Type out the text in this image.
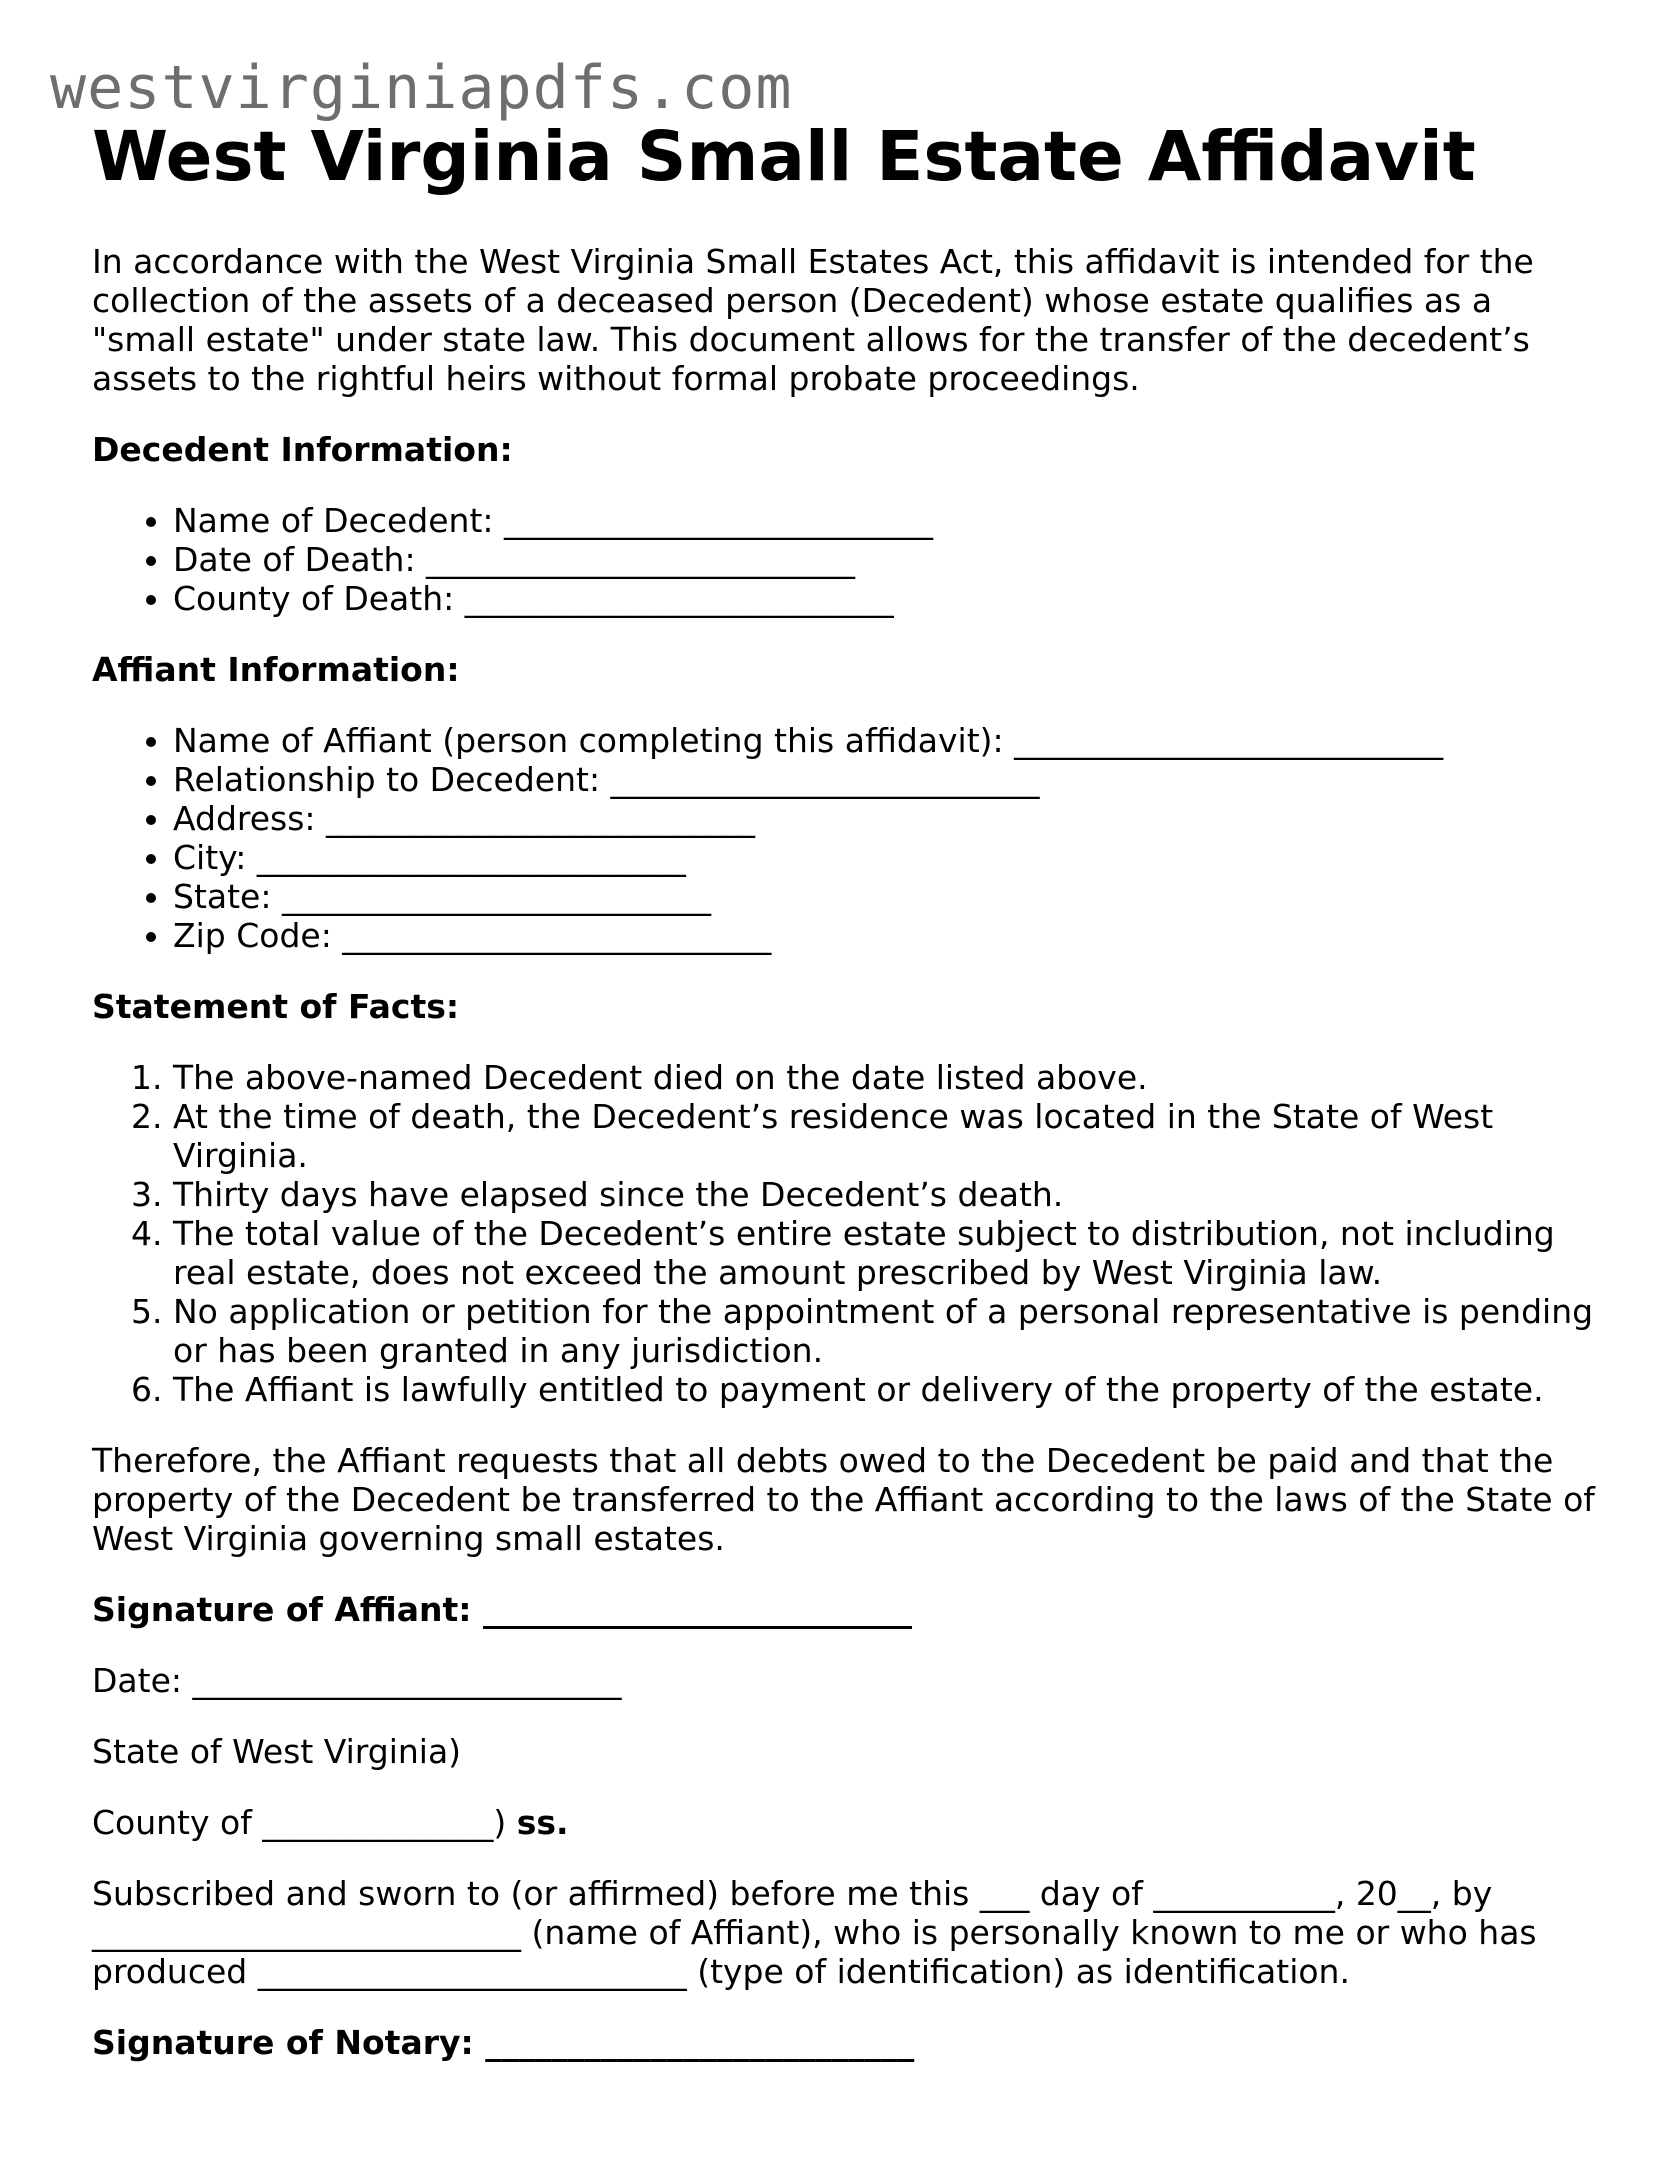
westvirginiapdfs.com
West Virginia Small Estate Affidavit

In accordance with the West Virginia Small Estates Act, this affidavit is intended for the collection of the assets of a deceased person (Decedent) whose estate qualifies as a "small estate" under state law. This document allows for the transfer of the decedent’s assets to the rightful heirs without formal probate proceedings.

Decedent Information:

• Name of Decedent: __________________________
• Date of Death: __________________________
• County of Death: __________________________

Affiant Information:

• Name of Affiant (person completing this affidavit): __________________________
• Relationship to Decedent: __________________________
• Address: __________________________
• City: __________________________
• State: __________________________
• Zip Code: __________________________

Statement of Facts:

1. The above-named Decedent died on the date listed above.
2. At the time of death, the Decedent’s residence was located in the State of West Virginia.
3. Thirty days have elapsed since the Decedent’s death.
4. The total value of the Decedent’s entire estate subject to distribution, not including real estate, does not exceed the amount prescribed by West Virginia law.
5. No application or petition for the appointment of a personal representative is pending or has been granted in any jurisdiction.
6. The Affiant is lawfully entitled to payment or delivery of the property of the estate.

Therefore, the Affiant requests that all debts owed to the Decedent be paid and that the property of the Decedent be transferred to the Affiant according to the laws of the State of West Virginia governing small estates.

Signature of Affiant: __________________________

Date: __________________________

State of West Virginia)

County of ______________) ss.

Subscribed and sworn to (or affirmed) before me this ___ day of ___________, 20__, by __________________________ (name of Affiant), who is personally known to me or who has produced __________________________ (type of identification) as identification.

Signature of Notary: __________________________
